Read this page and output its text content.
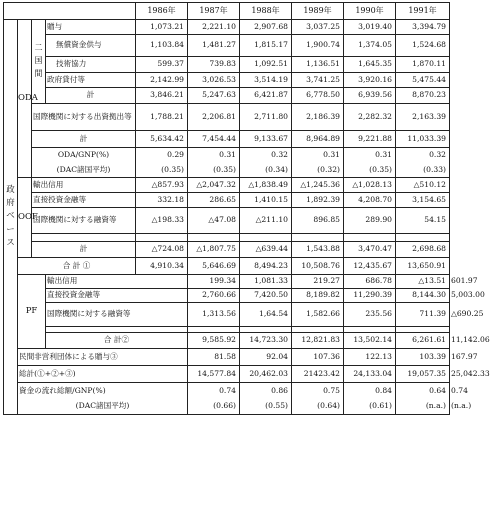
				1986年	1987年	1988年	1989年	1990年	1991年	
政府ベース	ODA	二国間	贈与	1,073.21	2,221.10	2,907.68	3,037.25	3,019.40	3,394.79	
			無償資金供与	1,103.84	1,481.27	1,815.17	1,900.74	1,374.05	1,524.68	
			技術協力	599.37	739.83	1,092.51	1,136.51	1,645.35	1,870.11	
			政府貸付等	2,142.99	3,026.53	3,514.19	3,741.25	3,920.16	5,475.44	
			計	3,846.21	5,247.63	6,421.87	6,778.50	6,939.56	8,870.23	
		国際機関に対する出資拠出等		1,788.21	2,206.81	2,711.80	2,186.39	2,282.32	2,163.39	
		計		5,634.42	7,454.44	9,133.67	8,964.89	9,221.88	11,033.39	
		ODA/GNP(%)		0.29	0.31	0.32	0.31	0.31	0.32	
		(DAC諸国平均)		(0.35)	(0.35)	(0.34)	(0.32)	(0.35)	(0.33)	
	OOF	輸出信用		△857.93	△2,047.32	△1,838.49	△1,245.36	△1,028.13	△510.12	
		直接投資金融等		332.18	286.65	1,410.15	1,892.39	4,208.70	3,154.65	
		国際機関に対する融資等		△198.33	△47.08	△211.10	896.85	289.90	54.15	

		計		△724.08	△1,807.75	△639.44	1,543.88	3,470.47	2,698.68	
	合 計 ①			4,910.34	5,646.69	8,494.23	10,508.76	12,435.67	13,650.91	
	PF		輸出信用		199.34	1,081.33	219.27	686.78	△13.51	601.97
			直接投資金融等		2,760.66	7,420.50	8,189.82	11,290.39	8,144.30	5,003.00
			国際機関に対する融資等		1,313.56	1,64.54	1,582.66	235.56	711.39	△690.25

			合 計②		9,585.92	14,723.30	12,821.83	13,502.14	6,261.61	11,142.06
	民間非営利団体による贈与③				81.58	92.04	107.36	122.13	103.39	167.97
	総計(①+②+③)				14,577.84	20,462.03	21423.42	24,133.04	19,057.35	25,042.33
	資金の流れ総額/GNP(%)				0.74	0.86	0.75	0.84	0.64	0.74
	(DAC諸国平均)				(0.66)	(0.55)	(0.64)	(0.61)	(n.a.)	(n.a.)
